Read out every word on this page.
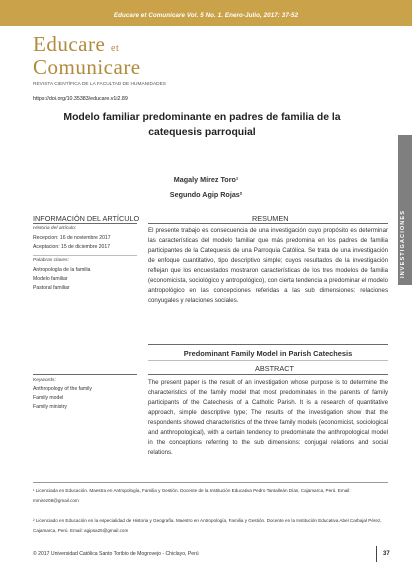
Educare et Comunicare Vol. 5 No. 1. Enero-Julio, 2017: 37-52
Educare et
Comunicare
REVISTA CIENTÍFICA DE LA FACULTAD DE HUMANIDADES
https://doi.org/10.35383/educare.v1i2.89
Modelo familiar predominante en padres de familia de la catequesis parroquial
Magaly Mírez Toro¹
Segundo Agip Rojas²
INVESTIGACIONES
INFORMACIÓN DEL ARTÍCULO	RESUMEN
Historia del artículo:
Recepcion: 16 de noviembre 2017
Aceptacion: 15 de diciembre 2017
Palabras claves:
Antropología de la familia
Modelo familiar
Pastoral familiar
El presente trabajo es consecuencia de una investigación cuyo propósito es determinar las características del modelo familiar que más predomina en los padres de familia participantes de la Catequesis de una Parroquia Católica. Se trata de una investigación de enfoque cuantitativo, tipo descriptivo simple; cuyos resultados de la investigación reflejan que los encuestados mostraron características de los tres modelos de familia (economicista, sociológico y antropológico), con cierta tendencia a predominar el modelo antropológico en las concepciones referidas a las sub dimensiones: relaciones conyugales y relaciones sociales.
Predominant Family Model in Parish Catechesis
ABSTRACT
Keywords:
Anthropology of the family
Family model
Family ministry
The present paper is the result of an investigation whose purpose is to determine the characteristics of the family model that most predominates in the parents of family participants of the Catechesis of a Catholic Parish. It is a research of quantitative approach, simple descriptive type; The results of the investigation show that the respondents showed characteristics of the three family models (economicist, sociological and anthropological), with a certain tendency to predominate the anthropological model in the conceptions referring to the sub dimensions: conjugal relations and social relations.
¹ Licenciada en Educación. Maestra en Antropología, Familia y Gestión. Docente de la Institución Educativa Pedro Tantalleán Días, Cajamarca, Perú. Email: mmirez08@gmail.com
² Licenciado en Educación en la especialidad de Historia y Geografía. Maestro en Antropología, Familia y Gestión. Docente en la Institución Educativa Abel Carbajal Pérez, Cajamarca, Perú. Email: agipsa25@gmail.com
© 2017 Universidad Católica Santo Toribio de Mogrovejo - Chiclayo, Perú	37
